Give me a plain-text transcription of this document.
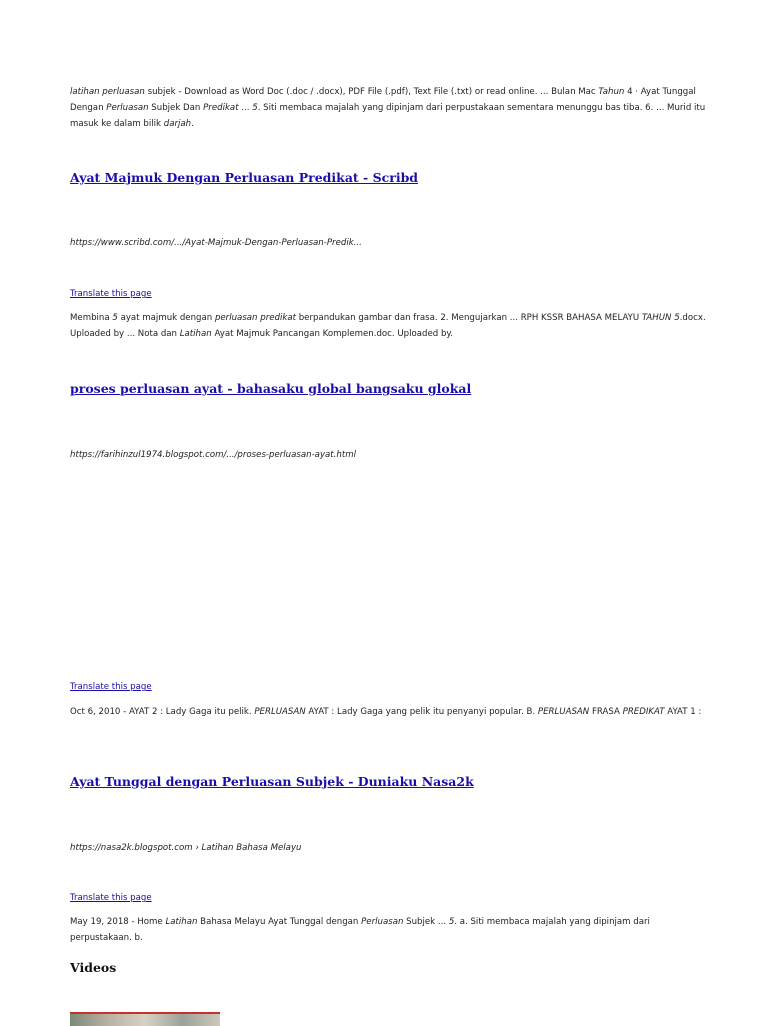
latihan perluasan subjek - Download as Word Doc (.doc / .docx), PDF File (.pdf), Text File (.txt) or read online. ... Bulan Mac Tahun 4 · Ayat Tunggal Dengan Perluasan Subjek Dan Predikat ... 5. Siti membaca majalah yang dipinjam dari perpustakaan sementara menunggu bas tiba. 6. ... Murid itu masuk ke dalam bilik darjah.
Ayat Majmuk Dengan Perluasan Predikat - Scribd
https://www.scribd.com/.../Ayat-Majmuk-Dengan-Perluasan-Predik...
Translate this page
Membina 5 ayat majmuk dengan perluasan predikat berpandukan gambar dan frasa. 2. Mengujarkan ... RPH KSSR BAHASA MELAYU TAHUN 5.docx. Uploaded by ... Nota dan Latihan Ayat Majmuk Pancangan Komplemen.doc. Uploaded by.
proses perluasan ayat - bahasaku global bangsaku glokal
https://farihinzul1974.blogspot.com/.../proses-perluasan-ayat.html
Translate this page
Oct 6, 2010 - AYAT 2 : Lady Gaga itu pelik. PERLUASAN AYAT : Lady Gaga yang pelik itu penyanyi popular. B. PERLUASAN FRASA PREDIKAT AYAT 1 :
Ayat Tunggal dengan Perluasan Subjek - Duniaku Nasa2k
https://nasa2k.blogspot.com › Latihan Bahasa Melayu
Translate this page
May 19, 2018 - Home Latihan Bahasa Melayu Ayat Tunggal dengan Perluasan Subjek ... 5. a. Siti membaca majalah yang dipinjam dari perpustakaan. b.
Videos
